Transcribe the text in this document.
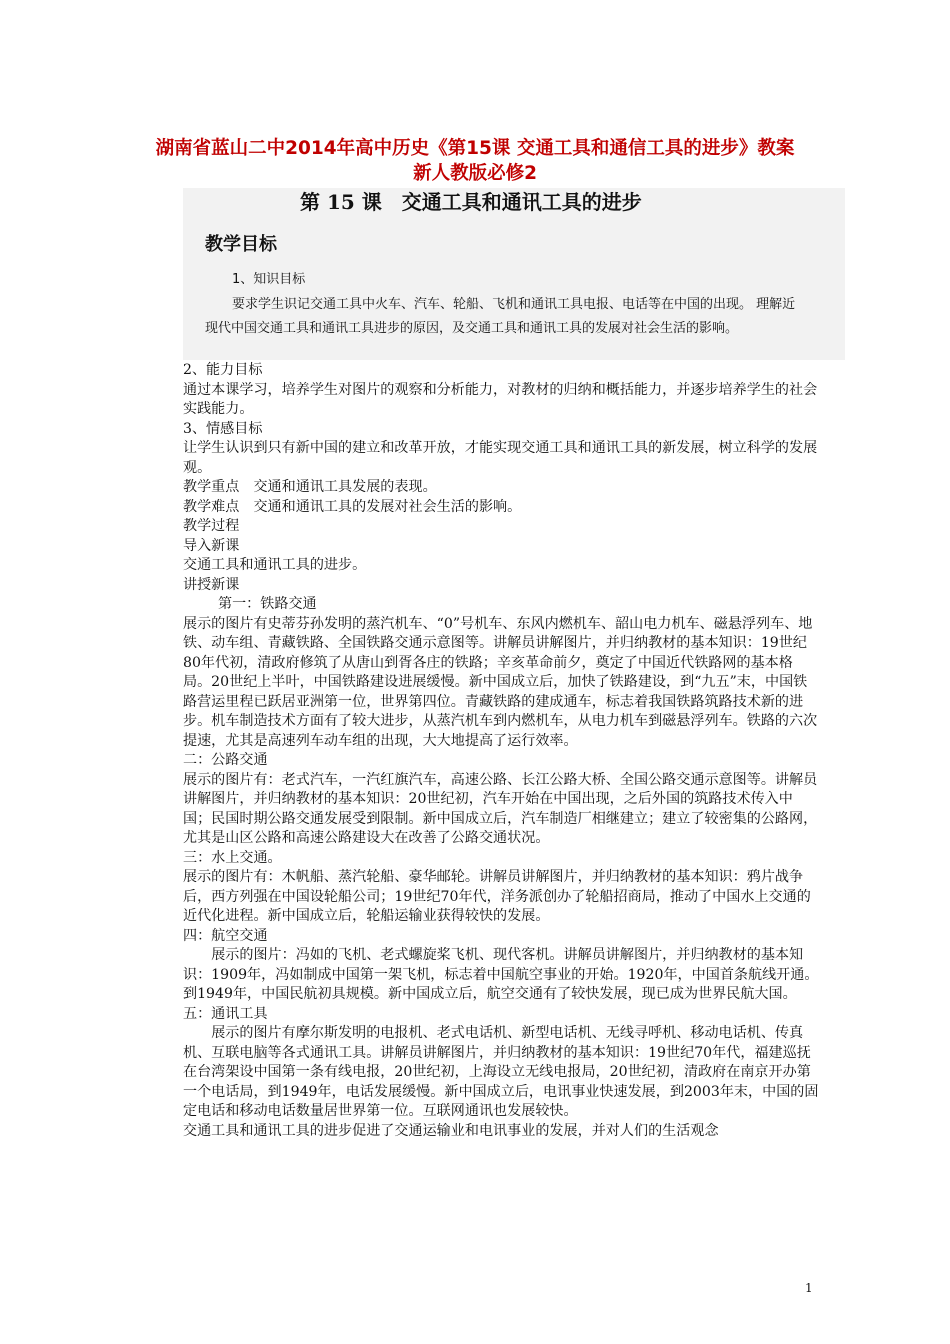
湖南省蓝山二中2014年高中历史《第15课 交通工具和通信工具的进步》教案 新人教版必修2
第 15 课　交通工具和通讯工具的进步
教学目标

1、知识目标

要求学生识记交通工具中火车、汽车、轮船、飞机和通讯工具电报、电话等在中国的出现。 理解近现代中国交通工具和通讯工具进步的原因，及交通工具和通讯工具的发展对社会生活的影响。

2、能力目标

通过本课学习，培养学生对图片的观察和分析能力，对教材的归纳和概括能力，并逐步培养学生的社会实践能力。

3、情感目标

让学生认识到只有新中国的建立和改革开放，才能实现交通工具和通讯工具的新发展，树立科学的发展观。

教学重点　交通和通讯工具发展的表现。

教学难点　交通和通讯工具的发展对社会生活的影响。

教学过程

导入新课

交通工具和通讯工具的进步。

讲授新课

第一：铁路交通

展示的图片有史蒂芬孙发明的蒸汽机车、“0”号机车、东风内燃机车、韶山电力机车、磁悬浮列车、地铁、动车组、青藏铁路、全国铁路交通示意图等。讲解员讲解图片，并归纳教材的基本知识：19世纪80年代初，清政府修筑了从唐山到胥各庄的铁路；辛亥革命前夕，奠定了中国近代铁路网的基本格局。20世纪上半叶，中国铁路建设进展缓慢。新中国成立后，加快了铁路建设，到“九五”末，中国铁路营运里程已跃居亚洲第一位，世界第四位。青藏铁路的建成通车，标志着我国铁路筑路技术新的进步。机车制造技术方面有了较大进步，从蒸汽机车到内燃机车，从电力机车到磁悬浮列车。铁路的六次提速，尤其是高速列车动车组的出现，大大地提高了运行效率。

二：公路交通

展示的图片有：老式汽车，一汽红旗汽车，高速公路、长江公路大桥、全国公路交通示意图等。讲解员讲解图片，并归纳教材的基本知识：20世纪初，汽车开始在中国出现，之后外国的筑路技术传入中国；民国时期公路交通发展受到限制。新中国成立后，汽车制造厂相继建立；建立了较密集的公路网，尤其是山区公路和高速公路建设大在改善了公路交通状况。

三：水上交通。

展示的图片有：木帆船、蒸汽轮船、豪华邮轮。讲解员讲解图片，并归纳教材的基本知识：鸦片战争后，西方列强在中国设轮船公司；19世纪70年代，洋务派创办了轮船招商局，推动了中国水上交通的近代化进程。新中国成立后，轮船运输业获得较快的发展。

四：航空交通

展示的图片：冯如的飞机、老式螺旋桨飞机、现代客机。讲解员讲解图片，并归纳教材的基本知识：1909年，冯如制成中国第一架飞机，标志着中国航空事业的开始。1920年，中国首条航线开通。到1949年，中国民航初具规模。新中国成立后，航空交通有了较快发展，现已成为世界民航大国。

五：通讯工具

展示的图片有摩尔斯发明的电报机、老式电话机、新型电话机、无线寻呼机、移动电话机、传真机、互联电脑等各式通讯工具。讲解员讲解图片，并归纳教材的基本知识：19世纪70年代，福建巡抚在台湾架设中国第一条有线电报，20世纪初，上海设立无线电报局，20世纪初，清政府在南京开办第一个电话局，到1949年，电话发展缓慢。新中国成立后，电讯事业快速发展，到2003年末，中国的固定电话和移动电话数量居世界第一位。互联网通讯也发展较快。

交通工具和通讯工具的进步促进了交通运输业和电讯事业的发展，并对人们的生活观念

1
